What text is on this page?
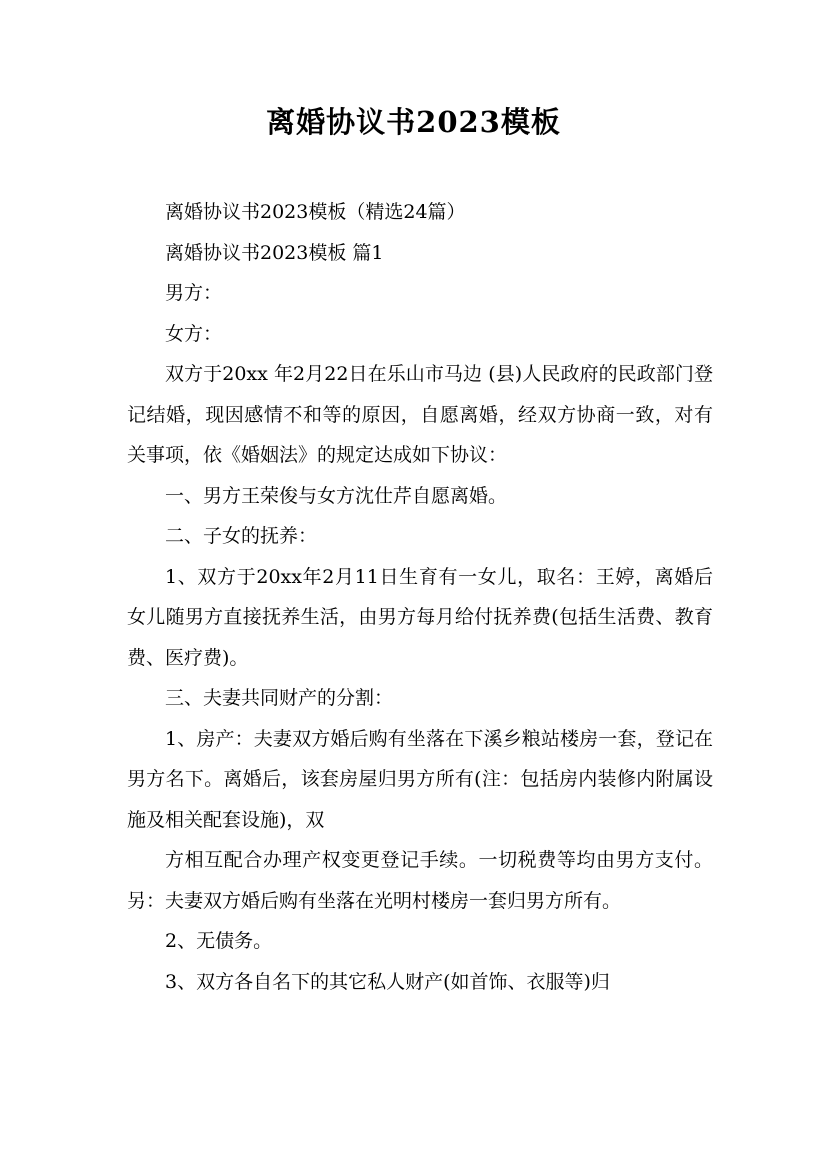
离婚协议书2023模板

离婚协议书2023模板（精选24篇）

离婚协议书2023模板 篇1

男方：

女方：

双方于20xx 年2月22日在乐山市马边 (县)人民政府的民政部门登记结婚，现因感情不和等的原因，自愿离婚，经双方协商一致，对有关事项，依《婚姻法》的规定达成如下协议：

一、男方王荣俊与女方沈仕芹自愿离婚。

二、子女的抚养：

1、双方于20xx年2月11日生育有一女儿，取名：王婷，离婚后女儿随男方直接抚养生活，由男方每月给付抚养费(包括生活费、教育费、医疗费)。

三、夫妻共同财产的分割：

1、房产：夫妻双方婚后购有坐落在下溪乡粮站楼房一套，登记在男方名下。离婚后，该套房屋归男方所有(注：包括房内装修内附属设施及相关配套设施)，双

方相互配合办理产权变更登记手续。一切税费等均由男方支付。另：夫妻双方婚后购有坐落在光明村楼房一套归男方所有。

2、无债务。

3、双方各自名下的其它私人财产(如首饰、衣服等)归
